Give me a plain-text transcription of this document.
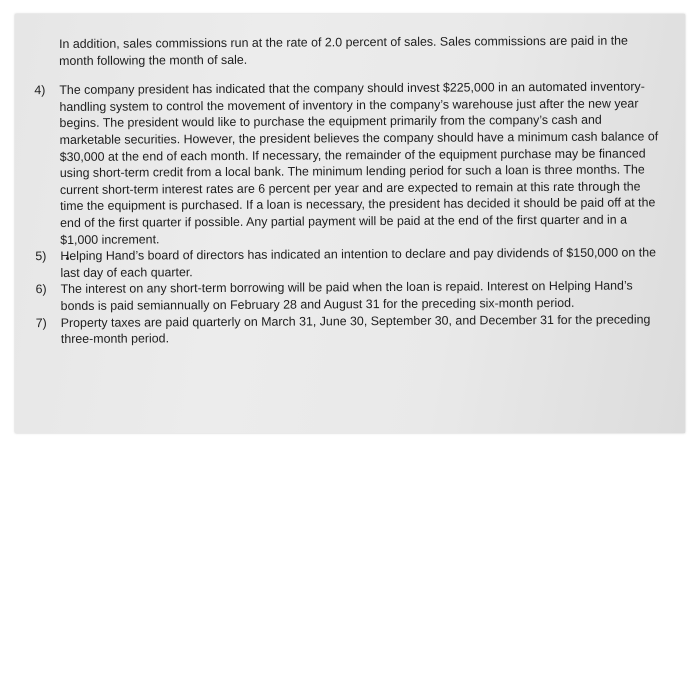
In addition, sales commissions run at the rate of 2.0 percent of sales. Sales commissions are paid in the month following the month of sale.

4)	The company president has indicated that the company should invest $225,000 in an automated inventory-handling system to control the movement of inventory in the company’s warehouse just after the new year begins. The president would like to purchase the equipment primarily from the company’s cash and marketable securities. However, the president believes the company should have a minimum cash balance of $30,000 at the end of each month. If necessary, the remainder of the equipment purchase may be financed using short-term credit from a local bank. The minimum lending period for such a loan is three months. The current short-term interest rates are 6 percent per year and are expected to remain at this rate through the time the equipment is purchased. If a loan is necessary, the president has decided it should be paid off at the end of the first quarter if possible. Any partial payment will be paid at the end of the first quarter and in a $1,000 increment.
5)	Helping Hand’s board of directors has indicated an intention to declare and pay dividends of $150,000 on the last day of each quarter.
6)	The interest on any short-term borrowing will be paid when the loan is repaid. Interest on Helping Hand’s bonds is paid semiannually on February 28 and August 31 for the preceding six-month period.
7)	Property taxes are paid quarterly on March 31, June 30, September 30, and December 31 for the preceding three-month period.
